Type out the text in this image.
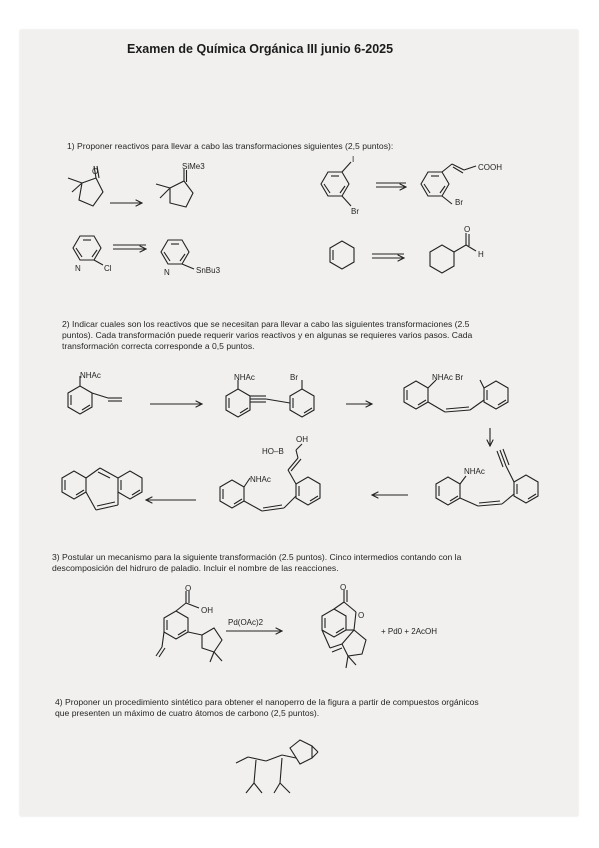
Examen de Química Orgánica III junio 6-2025

1) Proponer reactivos para llevar a cabo las transformaciones siguientes (2,5 puntos):

2) Indicar cuales son los reactivos que se necesitan para llevar a cabo las siguientes transformaciones (2.5

puntos). Cada transformación puede requerir varios reactivos y en algunas se requieres varios pasos. Cada

transformación correcta corresponde a 0,5 puntos.

3) Postular un mecanismo para la siguiente transformación (2.5 puntos). Cinco intermedios contando con la

descomposición del hidruro de paladio. Incluir el nombre de las reacciones.

4) Proponer un procedimiento sintético para obtener el nanoperro de la figura a partir de compuestos orgánicos

que presenten un máximo de cuatro átomos de carbono (2,5 puntos).

O
SiMe3
I
Br
COOH
Br
N	Cl	N	SnBu3
O
H
NHAc	NHAc	Br	NHAc Br
OH
HO–B
NHAc
NHAc
O
OH
Pd(OAc)2
O
O
+ Pd0 + 2AcOH
